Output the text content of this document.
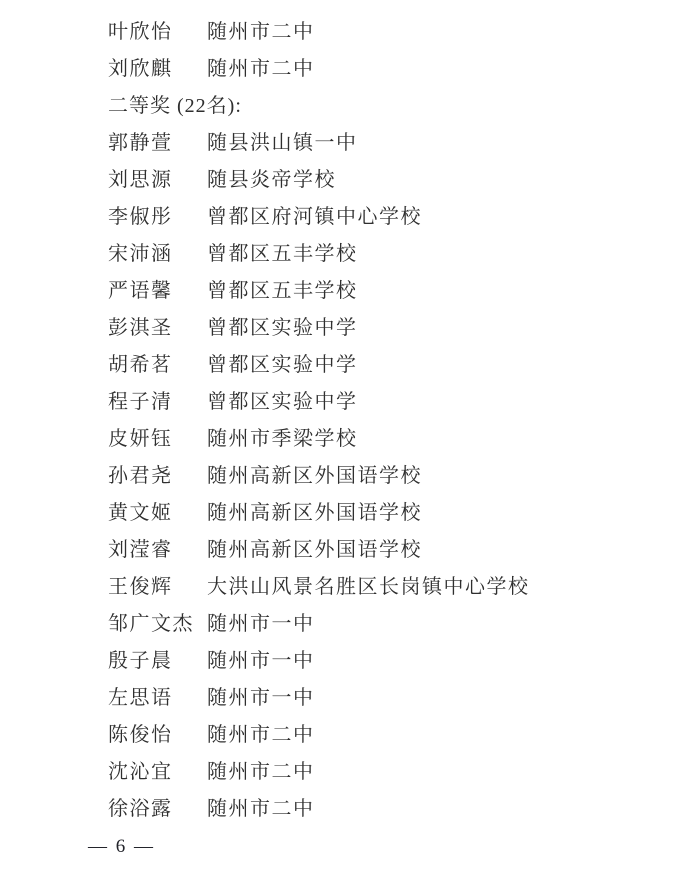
叶欣怡	随州市二中
刘欣麒	随州市二中
二等奖 (22名):
郭静萱	随县洪山镇一中
刘思源	随县炎帝学校
李俶彤	曾都区府河镇中心学校
宋沛涵	曾都区五丰学校
严语馨	曾都区五丰学校
彭淇圣	曾都区实验中学
胡希茗	曾都区实验中学
程子清	曾都区实验中学
皮妍钰	随州市季梁学校
孙君尧	随州高新区外国语学校
黄文姬	随州高新区外国语学校
刘滢睿	随州高新区外国语学校
王俊辉	大洪山风景名胜区长岗镇中心学校
邹广文杰 随州市一中
殷子晨	随州市一中
左思语	随州市一中
陈俊怡	随州市二中
沈沁宜	随州市二中
徐浴露	随州市二中
— 6 —
